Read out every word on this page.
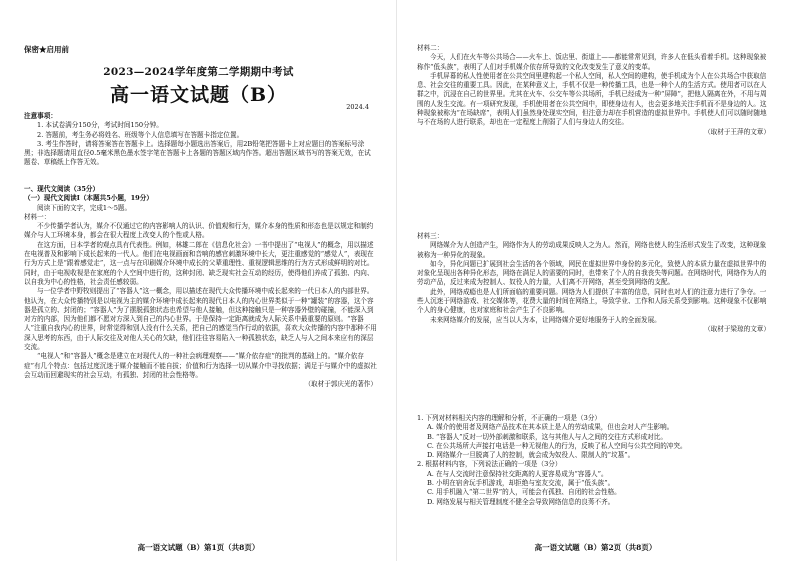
保密★启用前
2023—2024学年度第二学期期中考试
高一语文试题（B）
2024.4

注意事项：

1. 本试卷满分150分，考试时间150分钟。

2. 答题前，考生务必将姓名、班级等个人信息填写在答题卡指定位置。

3. 考生作答时，请将答案答在答题卡上。选择题每小题选出答案后，用2B铅笔把答题卡上对应题目的答案标号涂黑；非选择题请用直径0.5毫米黑色墨水签字笔在答题卡上各题的答题区域内作答。超出答题区域书写的答案无效，在试题卷、草稿纸上作答无效。

一、现代文阅读（35分）

（一）现代文阅读Ⅰ（本题共5小题，19分）

阅读下面的文字，完成1～5题。

材料一：

不少传播学者认为，媒介不仅通过它的内容影响人的认识、价值观和行为，媒介本身的性质和形态也是以规定和制约媒介与人工环境本身，都会在很大程度上改变人的个性或人格。

在这方面，日本学者的观点具有代表性。例如，林雄二郎在《信息化社会》一书中提出了“电视人”的概念，用以描述在电视普及和影响下成长起来的一代人。他们在电视画面和音响的感官刺激环境中长大，更注重感觉的“感觉人”，表现在行为方式上是“跟着感觉走”，这一点与在印刷媒介环境中成长的父辈重理性、重视逻辑思维的行为方式形成鲜明的对比。同时，由于电视收视是在家庭的个人空间中进行的，这种封闭、缺乏现实社会互动的经历，使得他们养成了孤独、内向、以自我为中心的性格，社会责任感较弱。

与一位学者中野牧则提出了“容器人”这一概念，用以描述在现代大众传播环境中成长起来的一代日本人的内部世界。他认为，在大众传播特别是以电视为主的媒介环境中成长起来的现代日本人的内心世界类似于一种“罐装”的容器，这个容器是孤立的、封闭的；“容器人”为了摆脱孤独状态也希望与他人接触，但这种接触只是一种容器外壁的碰撞，不能深入到对方的内部，因为他们都不愿对方深入到自己的内心世界。于是保持一定距离就成为人际关系中最重要的原则。“容器人”注重自我内心的世界，时常觉得和别人没有什么关系，把自己的感觉当作行动的依据，喜欢大众传播的内容中那种不用深入思考的东西，由于人际交往及对他人关心的欠缺，他们往往容易陷入一种孤独状态，缺乏人与人之间本来应有的深层交流。

“电视人”和“容器人”概念是建立在对现代人的一种社会病理观察——“媒介依存症”的批判的基础上的。“媒介依存症”有几个特点：包括过度沉迷于媒介接触而不能自拔；价值和行为选择一切从媒介中寻找依据；满足于与媒介中的虚拟社会互动而回避现实的社会互动，有孤独、封闭的社会性格等。

（取材于郭庆光的著作）

高一语文试题（B）第1页（共8页）

材料二：

今天，人们在火车等公共场合——火车上、饭店里、街道上——都能常常见到，许多人在低头看着手机。这种现象被称作“低头族”，表明了人们对手机媒介依存所导致的文化改变发生了意义的变革。

手机屏幕的私人性使用者在公共空间里建构起一个私人空间，私人空间的建构，使手机成为个人在公共场合中获取信息、社会交往的重要工具。因此，在某种意义上，手机不仅是一种传播工具，也是一种个人的生活方式。使用者可以在人群之中，沉浸在自己的世界里。尤其在火车、公交车等公共场所，手机已经成为一种“屏障”，把他人隔离在外，不用与周围的人发生交流。有一项研究发现，手机使用者在公共空间中，即使身边有人，也会更多地关注手机而不是身边的人。这种现象被称为“在场缺席”，表明人们虽然身处现实空间，但注意力却在手机营造的虚拟世界中。手机使人们可以随时随地与不在场的人进行联系，却也在一定程度上削弱了人们与身边人的交往。

（取材于王萍的文章）

材料三：

网络媒介为人创造产生，网络作为人的劳动成果反映人之为人。然而，网络也使人的生活形式发生了改变，这种现象被称为一种异化的现象。

如今，异化问题已扩展到社会生活的各个领域，网民在虚拟世界中身份的多元化，致使人的本质力量在虚拟世界中的对象化呈现出各种异化形态，网络在满足人的需要的同时，也带来了个人的自我丧失等问题。在网络时代，网络作为人的劳动产品，反过来成为控制人、奴役人的力量，人们离不开网络，甚至受到网络的支配。

此外，网络成瘾也是人们所面临的重要问题。网络为人们提供了丰富的信息，同时也对人们的注意力进行了争夺。一些人沉迷于网络游戏、社交媒体等，花费大量的时间在网络上，导致学业、工作和人际关系受到影响。这种现象不仅影响个人的身心健康，也对家庭和社会产生了不良影响。

未来网络媒介的发展，应当以人为本，让网络媒介更好地服务于人的全面发展。

（取材于梁琼的文章）

1. 下列对材料相关内容的理解和分析，不正确的一项是（3分）

A. 媒介的使用者及网络产品技术在其本质上是人的劳动成果，但也会对人产生影响。

B. “容器人”反对一切外部刺激和联系，这与其他人与人之间的交往方式形成对比。

C. 在公共场所大声接打电话是一种无视他人的行为，反映了私人空间与公共空间的冲突。

D. 网络媒介一旦脱离了人的控制，就会成为奴役人、限制人的“坟墓”。

2. 根据材料内容，下列说法正确的一项是（3分）

A. 在与人交流时注意保持社交距离的人更容易成为“容器人”。

B. 小明在宿舍玩手机游戏，却拒绝与室友交流，属于“低头族”。

C. 用手机融入“第二世界”的人，可能会有孤独、自闭的社会性格。

D. 网络发展与相关管理制度不健全会导致网络信息的良莠不齐。

高一语文试题（B）第2页（共8页）
